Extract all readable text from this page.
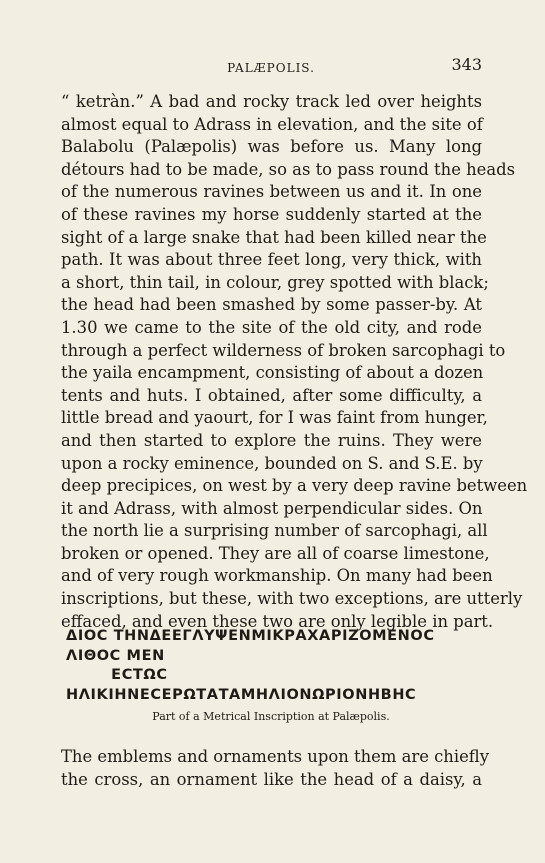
PALÆPOLIS.	343
“ ketràn.” A bad and rocky track led over heights
almost equal to Adrass in elevation, and the site of
Balabolu (Palæpolis) was before us. Many long
détours had to be made, so as to pass round the heads
of the numerous ravines between us and it. In one
of these ravines my horse suddenly started at the
sight of a large snake that had been killed near the
path. It was about three feet long, very thick, with
a short, thin tail, in colour, grey spotted with black;
the head had been smashed by some passer-by. At
1.30 we came to the site of the old city, and rode
through a perfect wilderness of broken sarcophagi to
the yaila encampment, consisting of about a dozen
tents and huts. I obtained, after some difficulty, a
little bread and yaourt, for I was faint from hunger,
and then started to explore the ruins. They were
upon a rocky eminence, bounded on S. and S.E. by
deep precipices, on west by a very deep ravine between
it and Adrass, with almost perpendicular sides. On
the north lie a surprising number of sarcophagi, all
broken or opened. They are all of coarse limestone,
and of very rough workmanship. On many had been
inscriptions, but these, with two exceptions, are utterly
effaced, and even these two are only legible in part.
ΔΙΟϹ ΤΗΝΔΕΕΓΛΥΨΕΝΜΙΚΡΑΧΑΡΙΖΟΜΕΝΟϹ
ΛΙΘΟϹ ΜΕΝ
ΕϹΤΩϹ
ΗΛΙΚΙΗΝΕϹΕΡΩΤΑΤΑΜΗΛΙΟΝΩΡΙΟΝΗΒΗϹ
Part of a Metrical Inscription at Palæpolis.
The emblems and ornaments upon them are chiefly
the cross, an ornament like the head of a daisy, a
